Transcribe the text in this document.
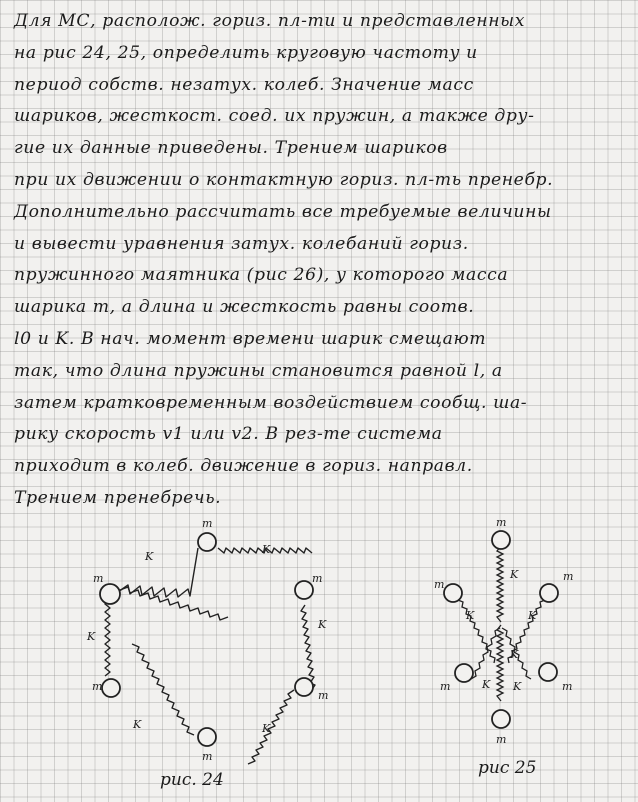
Для МС, располож. гориз. пл-ти и представленных
на рис 24, 25, определить круговую частоту и
период собств. незатух. колеб. Значение масс
шариков, жесткост. соед. их пружин, а также дру-
гие их данные приведены. Трением шариков
при их движении о контактную гориз. пл-ть пренебр.
Дополнительно рассчитать все требуемые величины
и вывести уравнения затух. колебаний гориз.
пружинного маятника (рис 26), у которого масса
шарика m, а длина и жесткость равны соотв.
l0 и K. В нач. момент времени шарик смещают
так, что длина пружины становится равной l, а
затем кратковременным воздействием сообщ. ша-
рику скорость v1 или v2. В рез-те системa
приходит в колеб. движение в гориз. направл.
Трением пренебречь.
m
m	m
m
m
m
K
K
K
K
K	K
рис. 24
m
m
m
m	m
m
K
K	K
K K
K
рис 25
